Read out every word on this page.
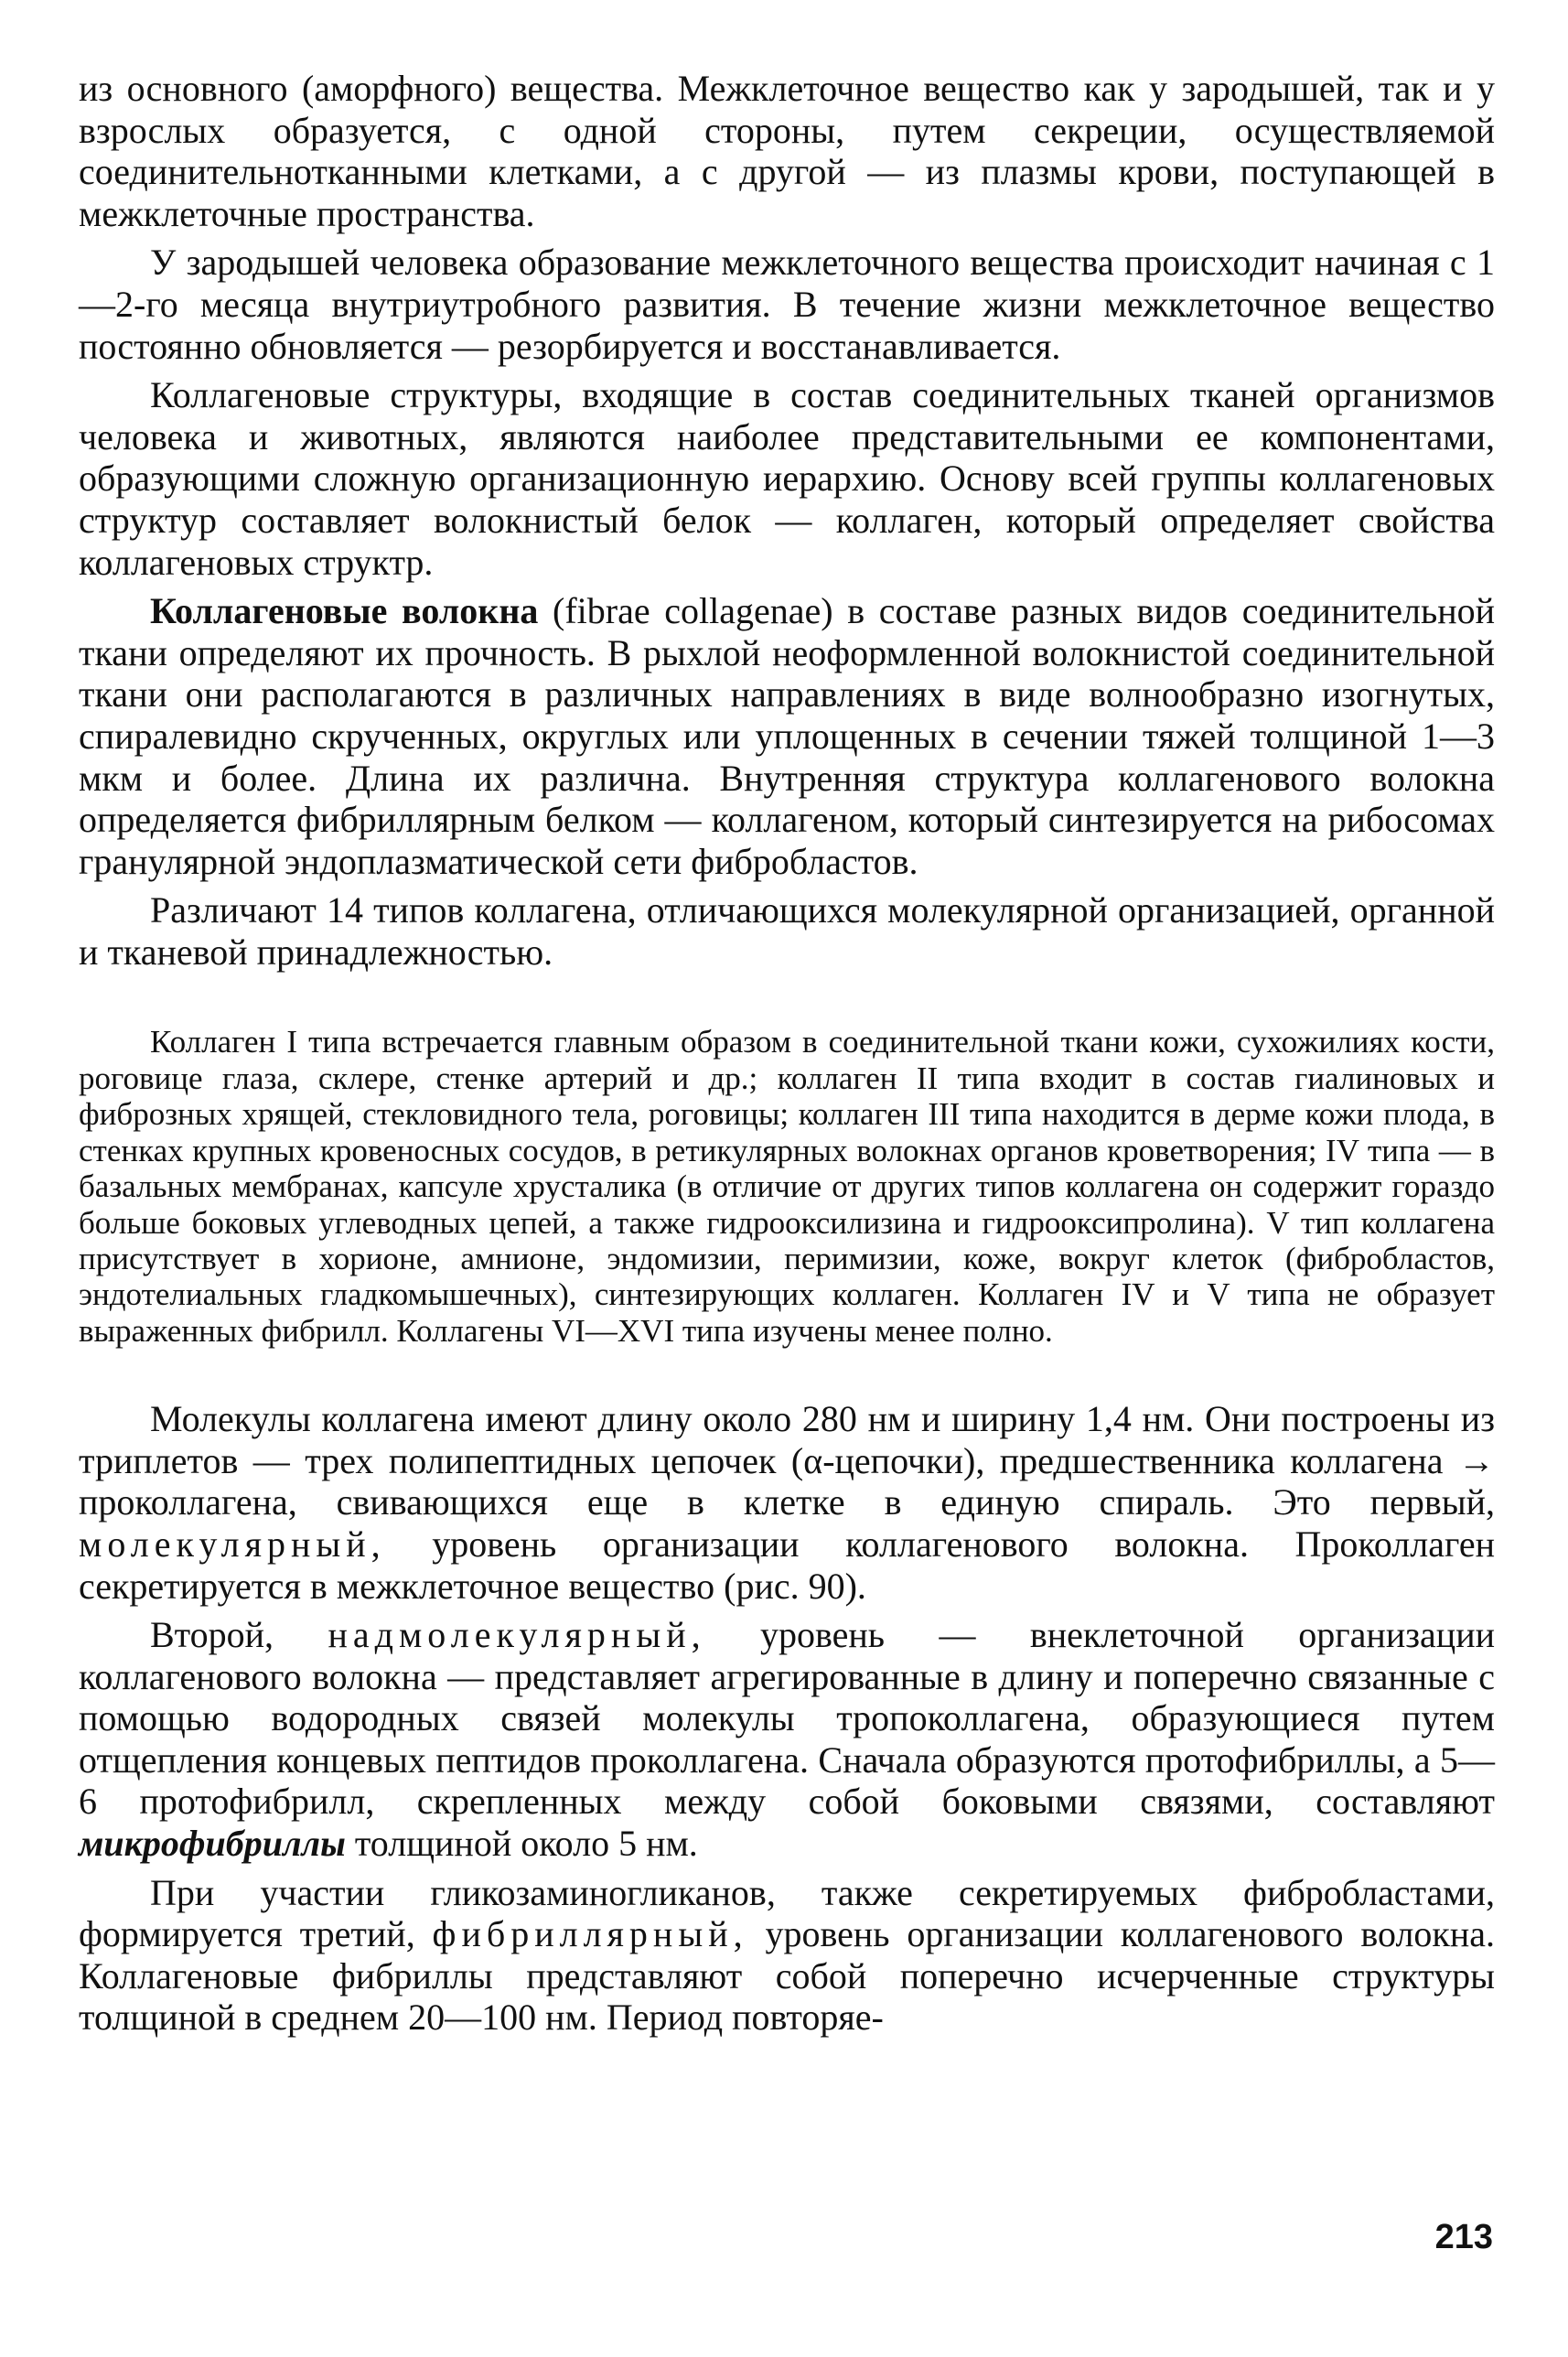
из основного (аморфного) вещества. Межклеточное вещество как у зародышей, так и у взрослых образуется, с одной стороны, путем секреции, осуществляемой соединительнотканными клетками, а с другой — из плазмы крови, поступающей в межклеточные пространства.

У зародышей человека образование межклеточного вещества происходит начиная с 1—2-го месяца внутриутробного развития. В течение жизни межклеточное вещество постоянно обновляется — резорбируется и восстанавливается.

Коллагеновые структуры, входящие в состав соединительных тканей организмов человека и животных, являются наиболее представительными ее компонентами, образующими сложную организационную иерархию. Основу всей группы коллагеновых структур составляет волокнистый белок — коллаген, который определяет свойства коллагеновых структр.

Коллагеновые волокна (fibrae collagenae) в составе разных видов соединительной ткани определяют их прочность. В рыхлой неоформленной волокнистой соединительной ткани они располагаются в различных направлениях в виде волнообразно изогнутых, спиралевидно скрученных, округлых или уплощенных в сечении тяжей толщиной 1—3 мкм и более. Длина их различна. Внутренняя структура коллагенового волокна определяется фибриллярным белком — коллагеном, который синтезируется на рибосомах гранулярной эндоплазматической сети фибробластов.

Различают 14 типов коллагена, отличающихся молекулярной организацией, органной и тканевой принадлежностью.

Коллаген I типа встречается главным образом в соединительной ткани кожи, сухожилиях кости, роговице глаза, склере, стенке артерий и др.; коллаген II типа входит в состав гиалиновых и фиброзных хрящей, стекловидного тела, роговицы; коллаген III типа находится в дерме кожи плода, в стенках крупных кровеносных сосудов, в ретикулярных волокнах органов кроветворения; IV типа — в базальных мембранах, капсуле хрусталика (в отличие от других типов коллагена он содержит гораздо больше боковых углеводных цепей, а также гидрооксилизина и гидрооксипролина). V тип коллагена присутствует в хорионе, амнионе, эндомизии, перимизии, коже, вокруг клеток (фибробластов, эндотелиальных гладкомышечных), синтезирующих коллаген. Коллаген IV и V типа не образует выраженных фибрилл. Коллагены VI—XVI типа изучены менее полно.

Молекулы коллагена имеют длину около 280 нм и ширину 1,4 нм. Они построены из триплетов — трех полипептидных цепочек (α-цепочки), предшественника коллагена → проколлагена, свивающихся еще в клетке в единую спираль. Это первый, молекулярный, уровень организации коллагенового волокна. Проколлаген секретируется в межклеточное вещество (рис. 90).

Второй, надмолекулярный, уровень — внеклеточной организации коллагенового волокна — представляет агрегированные в длину и поперечно связанные с помощью водородных связей молекулы тропоколлагена, образующиеся путем отщепления концевых пептидов проколлагена. Сначала образуются протофибриллы, а 5—6 протофибрилл, скрепленных между собой боковыми связями, составляют микрофибриллы толщиной около 5 нм.

При участии гликозаминогликанов, также секретируемых фибробластами, формируется третий, фибриллярный, уровень организации коллагенового волокна. Коллагеновые фибриллы представляют собой поперечно исчерченные структуры толщиной в среднем 20—100 нм. Период повторяе-

213
